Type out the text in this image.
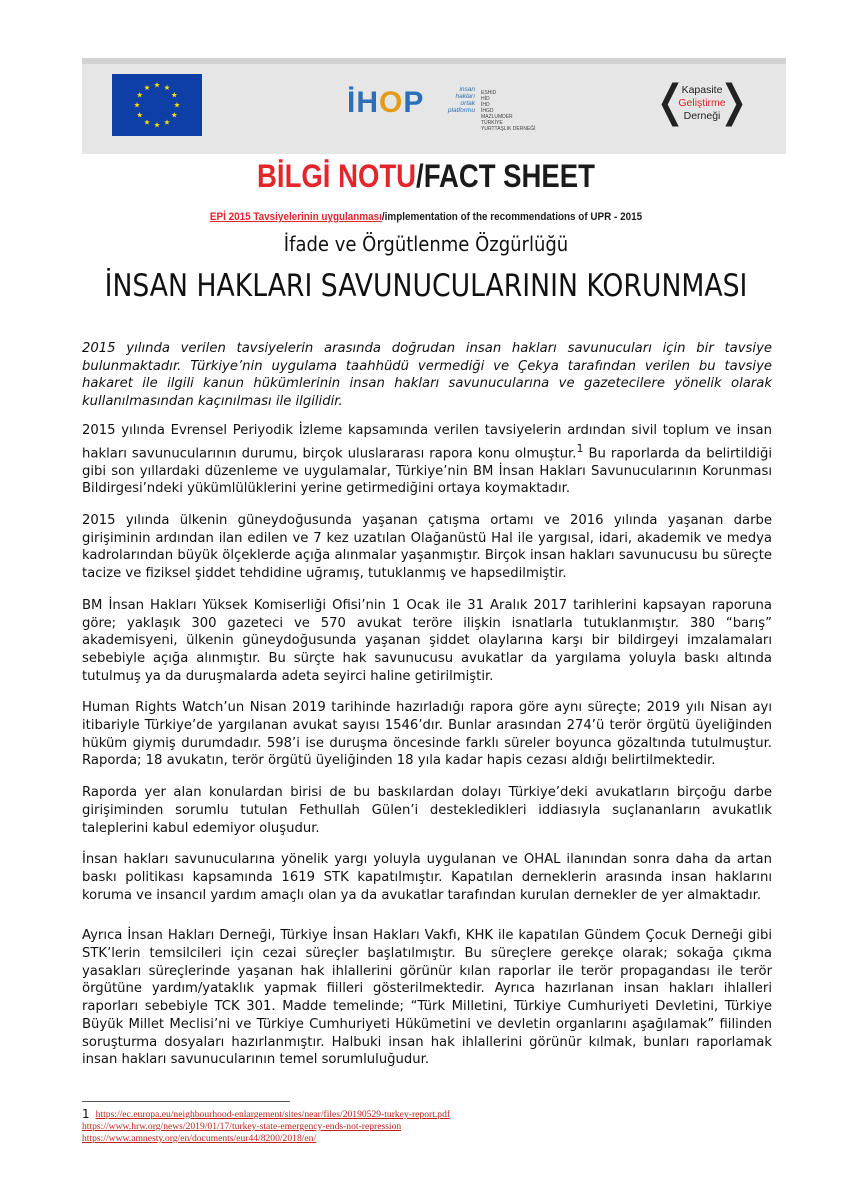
İHOP	insan
hakları
ortak
platformu
ESHID
HİD
İHD
İHGD
MAZLUMDER
TÜRKİYE
YURTTAŞLIK DERNEĞİ
❬
Kapasite
Geliştirme
Derneği
❭
BİLGİ NOTU/FACT SHEET
EPİ 2015 Tavsiyelerinin uygulanması/implementation of the recommendations of UPR - 2015
İfade ve Örgütlenme Özgürlüğü
İNSAN HAKLARI SAVUNUCULARININ KORUNMASI

2015 yılında verilen tavsiyelerin arasında doğrudan insan hakları savunucuları için bir tavsiye bulunmaktadır. Türkiye’nin uygulama taahhüdü vermediği ve Çekya tarafından verilen bu tavsiye hakaret ile ilgili kanun hükümlerinin insan hakları savunucularına ve gazetecilere yönelik olarak kullanılmasından kaçınılması ile ilgilidir.

2015 yılında Evrensel Periyodik İzleme kapsamında verilen tavsiyelerin ardından sivil toplum ve insan hakları savunucularının durumu, birçok uluslararası rapora konu olmuştur.$^1$ Bu raporlarda da belirtildiği gibi son yıllardaki düzenleme ve uygulamalar, Türkiye’nin BM İnsan Hakları Savunucularının Korunması Bildirgesi’ndeki yükümlülüklerini yerine getirmediğini ortaya koymaktadır.

2015 yılında ülkenin güneydoğusunda yaşanan çatışma ortamı ve 2016 yılında yaşanan darbe girişiminin ardından ilan edilen ve 7 kez uzatılan Olağanüstü Hal ile yargısal, idari, akademik ve medya kadrolarından büyük ölçeklerde açığa alınmalar yaşanmıştır. Birçok insan hakları savunucusu bu süreçte tacize ve fiziksel şiddet tehdidine uğramış, tutuklanmış ve hapsedilmiştir.

BM İnsan Hakları Yüksek Komiserliği Ofisi’nin 1 Ocak ile 31 Aralık 2017 tarihlerini kapsayan raporuna göre; yaklaşık 300 gazeteci ve 570 avukat teröre ilişkin isnatlarla tutuklanmıştır. 380 “barış” akademisyeni, ülkenin güneydoğusunda yaşanan şiddet olaylarına karşı bir bildirgeyi imzalamaları sebebiyle açığa alınmıştır. Bu sürçte hak savunucusu avukatlar da yargılama yoluyla baskı altında tutulmuş ya da duruşmalarda adeta seyirci haline getirilmiştir.

Human Rights Watch’un Nisan 2019 tarihinde hazırladığı rapora göre aynı süreçte; 2019 yılı Nisan ayı itibariyle Türkiye’de yargılanan avukat sayısı 1546’dır. Bunlar arasından 274’ü terör örgütü üyeliğinden hüküm giymiş durumdadır. 598’i ise duruşma öncesinde farklı süreler boyunca gözaltında tutulmuştur. Raporda; 18 avukatın, terör örgütü üyeliğinden 18 yıla kadar hapis cezası aldığı belirtilmektedir.

Raporda yer alan konulardan birisi de bu baskılardan dolayı Türkiye’deki avukatların birçoğu darbe girişiminden sorumlu tutulan Fethullah Gülen’i destekledikleri iddiasıyla suçlananların avukatlık taleplerini kabul edemiyor oluşudur.

İnsan hakları savunucularına yönelik yargı yoluyla uygulanan ve OHAL ilanından sonra daha da artan baskı politikası kapsamında 1619 STK kapatılmıştır. Kapatılan derneklerin arasında insan haklarını koruma ve insancıl yardım amaçlı olan ya da avukatlar tarafından kurulan dernekler de yer almaktadır.

Ayrıca İnsan Hakları Derneği, Türkiye İnsan Hakları Vakfı, KHK ile kapatılan Gündem Çocuk Derneği gibi STK’lerin temsilcileri için cezai süreçler başlatılmıştır. Bu süreçlere gerekçe olarak; sokağa çıkma yasakları süreçlerinde yaşanan hak ihlallerini görünür kılan raporlar ile terör propagandası ile terör örgütüne yardım/yataklık yapmak fiilleri gösterilmektedir. Ayrıca hazırlanan insan hakları ihlalleri raporları sebebiyle TCK 301. Madde temelinde; “Türk Milletini, Türkiye Cumhuriyeti Devletini, Türkiye Büyük Millet Meclisi’ni ve Türkiye Cumhuriyeti Hükümetini ve devletin organlarını aşağılamak” fiilinden soruşturma dosyaları hazırlanmıştır. Halbuki insan hak ihlallerini görünür kılmak, bunları raporlamak insan hakları savunucularının temel sorumluluğudur.

1 https://ec.europa.eu/neighbourhood-enlargement/sites/near/files/20190529-turkey-report.pdf
https://www.hrw.org/news/2019/01/17/turkey-state-emergency-ends-not-repression
https://www.amnesty.org/en/documents/eur44/8200/2018/en/
